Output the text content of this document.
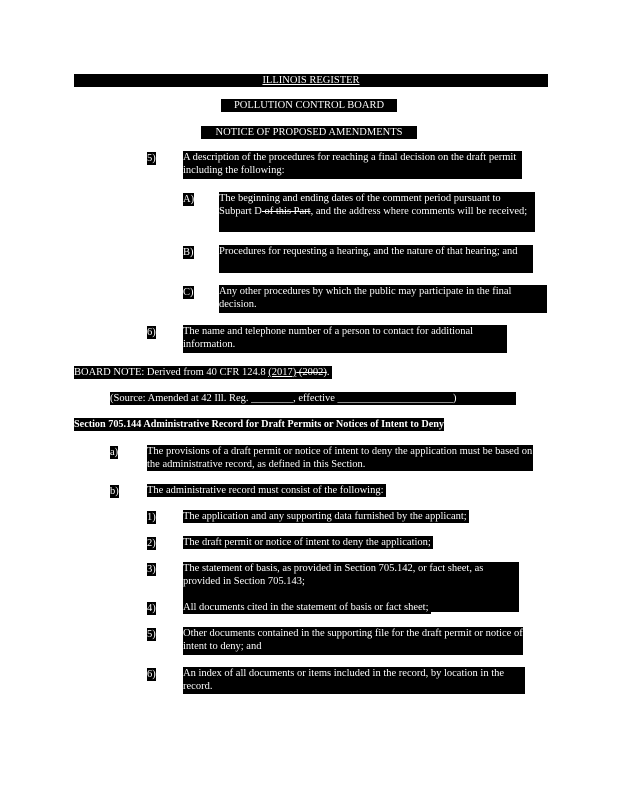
ILLINOIS REGISTER
POLLUTION CONTROL BOARD
NOTICE OF PROPOSED AMENDMENTS
5)	A description of the procedures for reaching a final decision on the draft permit including the following:
A) The beginning and ending dates of the comment period pursuant to Subpart D of this Part, and the address where comments will be received;
B) Procedures for requesting a hearing, and the nature of that hearing; and
C) Any other procedures by which the public may participate in the final decision.
6)	The name and telephone number of a person to contact for additional information.
BOARD NOTE: Derived from 40 CFR 124.8 (2017) (2002).
(Source: Amended at 42 Ill. Reg. ________, effective ______________________)
Section 705.144 Administrative Record for Draft Permits or Notices of Intent to Deny
a)	The provisions of a draft permit or notice of intent to deny the application must be based on the administrative record, as defined in this Section.
b)	The administrative record must consist of the following:
1)	The application and any supporting data furnished by the applicant;
2)	The draft permit or notice of intent to deny the application;
3)	The statement of basis, as provided in Section 705.142, or fact sheet, as provided in Section 705.143;
4)	All documents cited in the statement of basis or fact sheet;
5)	Other documents contained in the supporting file for the draft permit or notice of intent to deny; and
6)	An index of all documents or items included in the record, by location in the record.
